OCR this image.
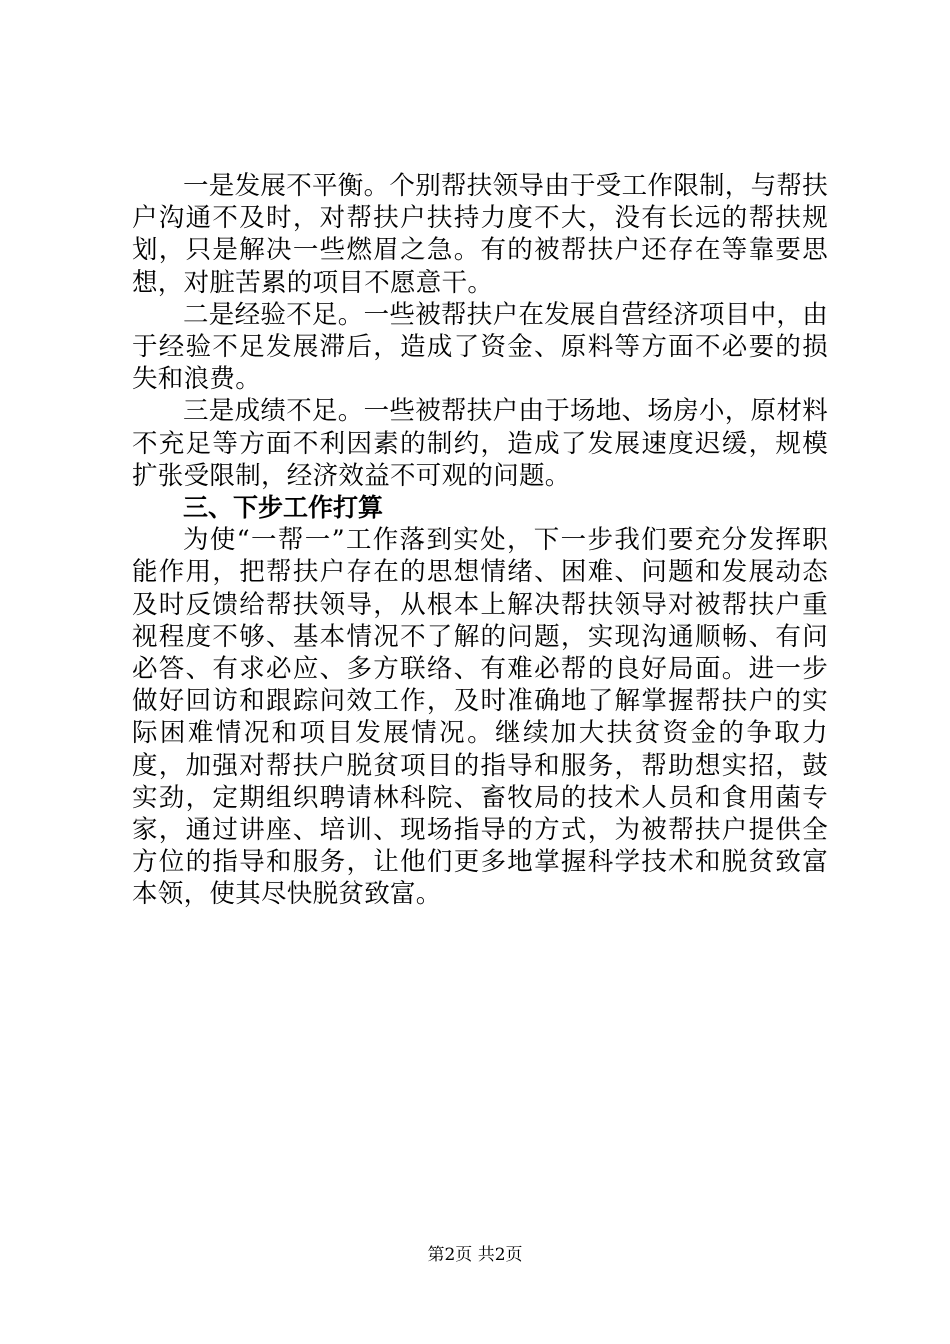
一是发展不平衡。个别帮扶领导由于受工作限制，与帮扶户沟通不及时，对帮扶户扶持力度不大，没有长远的帮扶规划，只是解决一些燃眉之急。有的被帮扶户还存在等靠要思想，对脏苦累的项目不愿意干。

二是经验不足。一些被帮扶户在发展自营经济项目中，由于经验不足发展滞后，造成了资金、原料等方面不必要的损失和浪费。

三是成绩不足。一些被帮扶户由于场地、场房小，原材料不充足等方面不利因素的制约，造成了发展速度迟缓，规模扩张受限制，经济效益不可观的问题。

三、下步工作打算

为使“一帮一”工作落到实处，下一步我们要充分发挥职能作用，把帮扶户存在的思想情绪、困难、问题和发展动态及时反馈给帮扶领导，从根本上解决帮扶领导对被帮扶户重视程度不够、基本情况不了解的问题，实现沟通顺畅、有问必答、有求必应、多方联络、有难必帮的良好局面。进一步做好回访和跟踪问效工作，及时准确地了解掌握帮扶户的实际困难情况和项目发展情况。继续加大扶贫资金的争取力度，加强对帮扶户脱贫项目的指导和服务，帮助想实招，鼓实劲，定期组织聘请林科院、畜牧局的技术人员和食用菌专家，通过讲座、培训、现场指导的方式，为被帮扶户提供全方位的指导和服务，让他们更多地掌握科学技术和脱贫致富本领，使其尽快脱贫致富。

第2页 共2页
